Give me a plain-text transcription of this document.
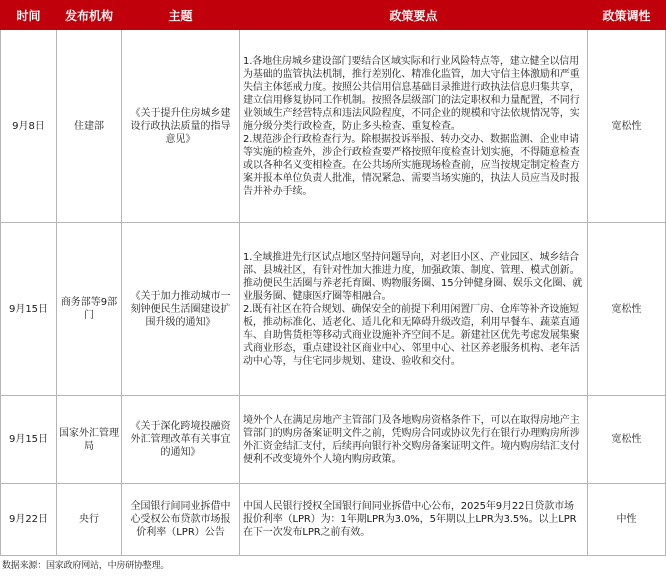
时间	发布机构	主题	政策要点	政策调性
9月8日	住建部	《关于提升住房城乡建设行政执法质量的指导意见》	1.各地住房城乡建设部门要结合区域实际和行业风险特点等，建立健全以信用为基础的监管执法机制，推行差别化、精准化监管，加大守信主体激励和严重失信主体惩戒力度。按照公共信用信息基础目录推进行政执法信息归集共享，建立信用修复协同工作机制。按照各层级部门的法定职权和力量配置，不同行业领域生产经营特点和违法风险程度，不同企业的规模和守法依规情况等，实施分级分类行政检查，防止多头检查、重复检查。
2.规范涉企行政检查行为。除根据投诉举报、转办交办、数据监测、企业申请等实施的检查外，涉企行政检查要严格按照年度检查计划实施，不得随意检查或以各种名义变相检查。在公共场所实施现场检查前，应当按规定制定检查方案并报本单位负责人批准，情况紧急、需要当场实施的，执法人员应当及时报告并补办手续。	宽松性
9月15日	商务部等9部门	《关于加力推动城市一刻钟便民生活圈建设扩围升级的通知》	1.全域推进先行区试点地区坚持问题导向，对老旧小区、产业园区、城乡结合部、县城社区，有针对性加大推进力度，加强政策、制度、管理、模式创新。推动便民生活圈与养老托育圈、购物服务圈、15分钟健身圈、娱乐文化圈、就业服务圈、健康医疗圈等相融合。
2.既有社区在符合规划、确保安全的前提下利用闲置厂房、仓库等补齐设施短板，推动标准化、适老化、适儿化和无障碍升级改造，利用早餐车、蔬菜直通车、自助售货柜等移动式商业设施补齐空间不足。新建社区优先考虑发展集聚式商业形态，重点建设社区商业中心、邻里中心、社区养老服务机构、老年活动中心等，与住宅同步规划、建设、验收和交付。	宽松性
9月15日	国家外汇管理局	《关于深化跨境投融资外汇管理改革有关事宜的通知》	境外个人在满足房地产主管部门及各地购房资格条件下，可以在取得房地产主管部门的购房备案证明文件之前，凭购房合同或协议先行在银行办理购房所涉外汇资金结汇支付，后续再向银行补交购房备案证明文件。境内购房结汇支付便利不改变境外个人境内购房政策。	宽松性
9月22日	央行	全国银行间同业拆借中心受权公布贷款市场报价利率（LPR）公告	中国人民银行授权全国银行间同业拆借中心公布，2025年9月22日贷款市场报价利率（LPR）为：1年期LPR为3.0%，5年期以上LPR为3.5%。以上LPR在下一次发布LPR之前有效。	中性
数据来源：国家政府网站，中房研协整理。
